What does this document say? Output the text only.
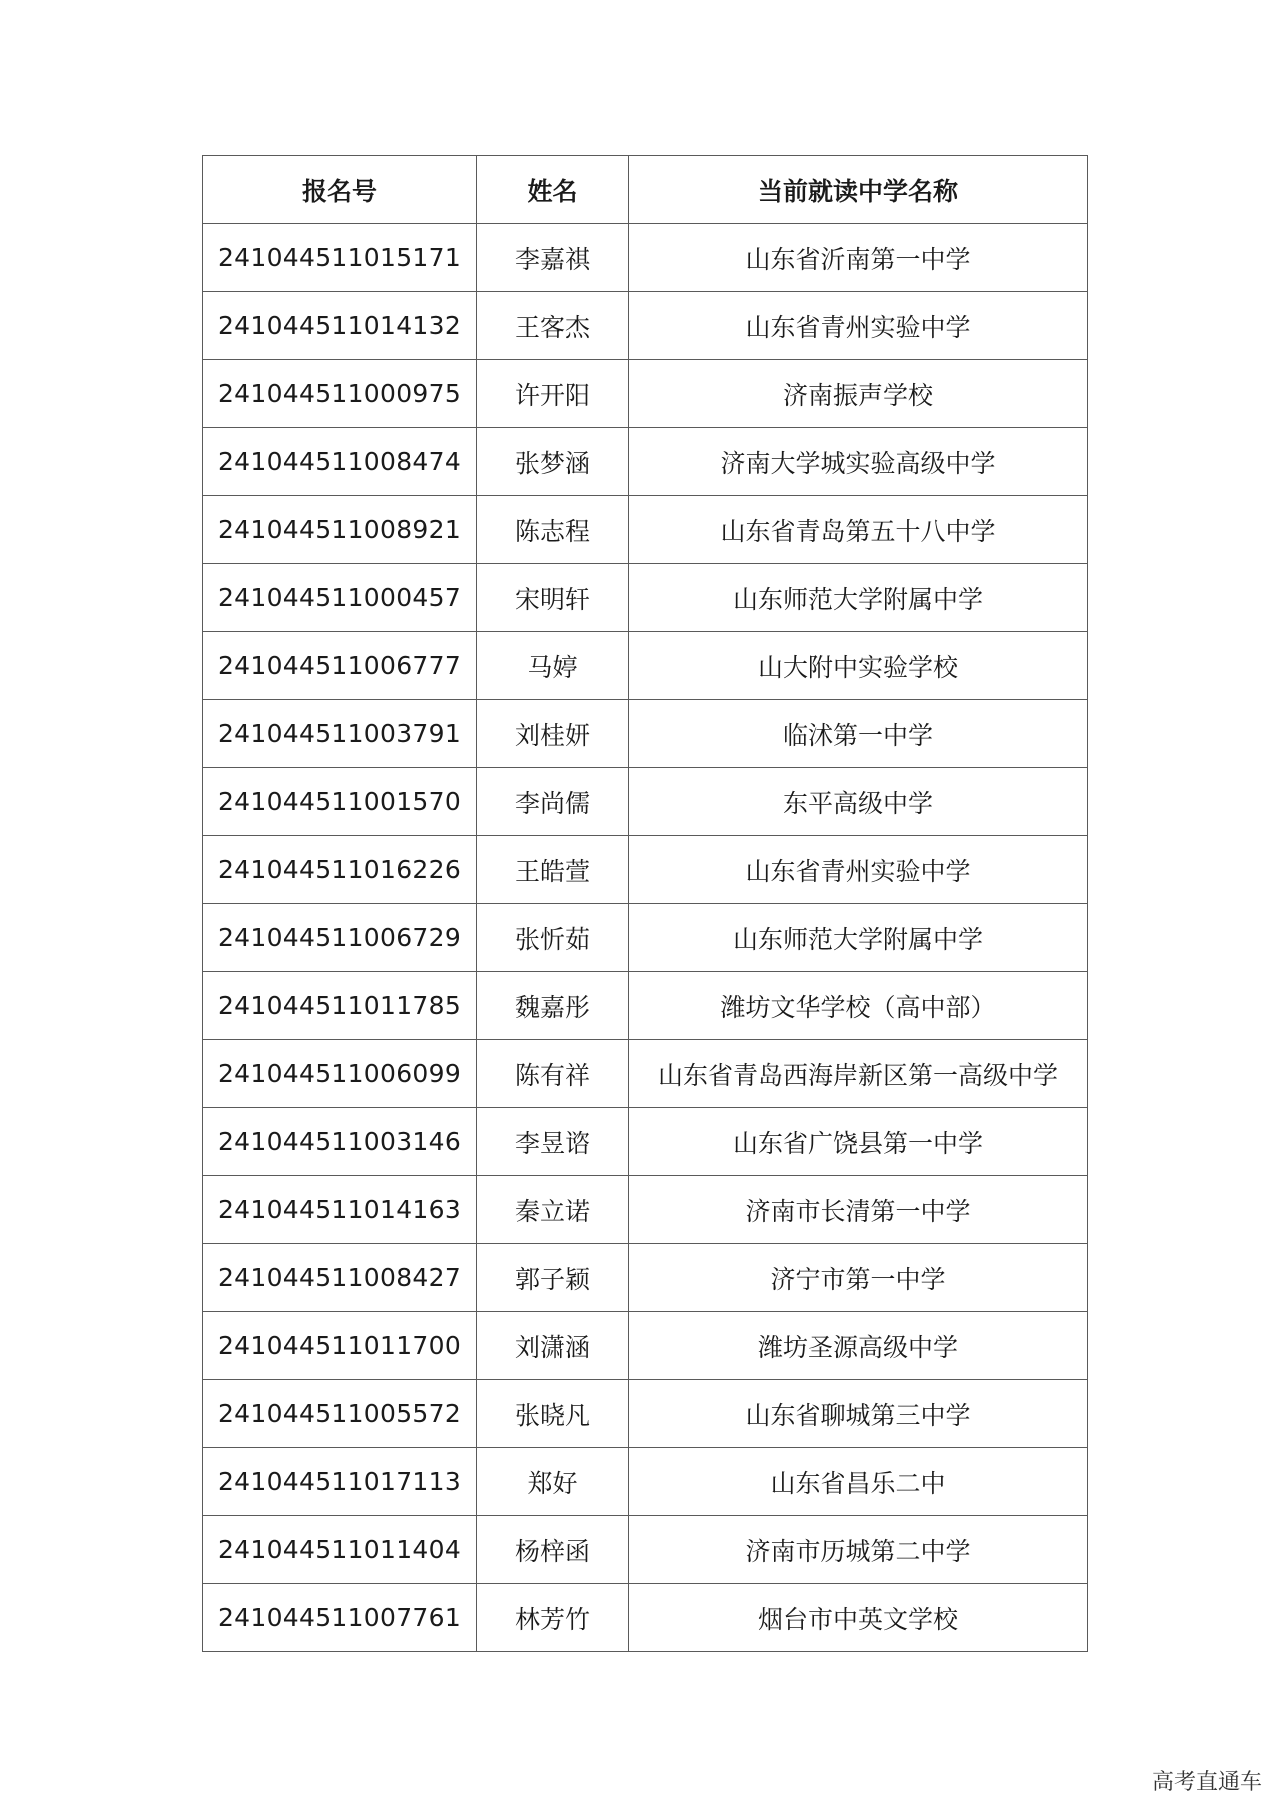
报名号	姓名	当前就读中学名称
241044511015171	李嘉祺	山东省沂南第一中学
241044511014132	王客杰	山东省青州实验中学
241044511000975	许开阳	济南振声学校
241044511008474	张梦涵	济南大学城实验高级中学
241044511008921	陈志程	山东省青岛第五十八中学
241044511000457	宋明轩	山东师范大学附属中学
241044511006777	马婷	山大附中实验学校
241044511003791	刘桂妍	临沭第一中学
241044511001570	李尚儒	东平高级中学
241044511016226	王皓萱	山东省青州实验中学
241044511006729	张忻茹	山东师范大学附属中学
241044511011785	魏嘉彤	潍坊文华学校（高中部）
241044511006099	陈有祥	山东省青岛西海岸新区第一高级中学
241044511003146	李昱谘	山东省广饶县第一中学
241044511014163	秦立诺	济南市长清第一中学
241044511008427	郭子颖	济宁市第一中学
241044511011700	刘潇涵	潍坊圣源高级中学
241044511005572	张晓凡	山东省聊城第三中学
241044511017113	郑好	山东省昌乐二中
241044511011404	杨梓函	济南市历城第二中学
241044511007761	林芳竹	烟台市中英文学校
高考直通车
